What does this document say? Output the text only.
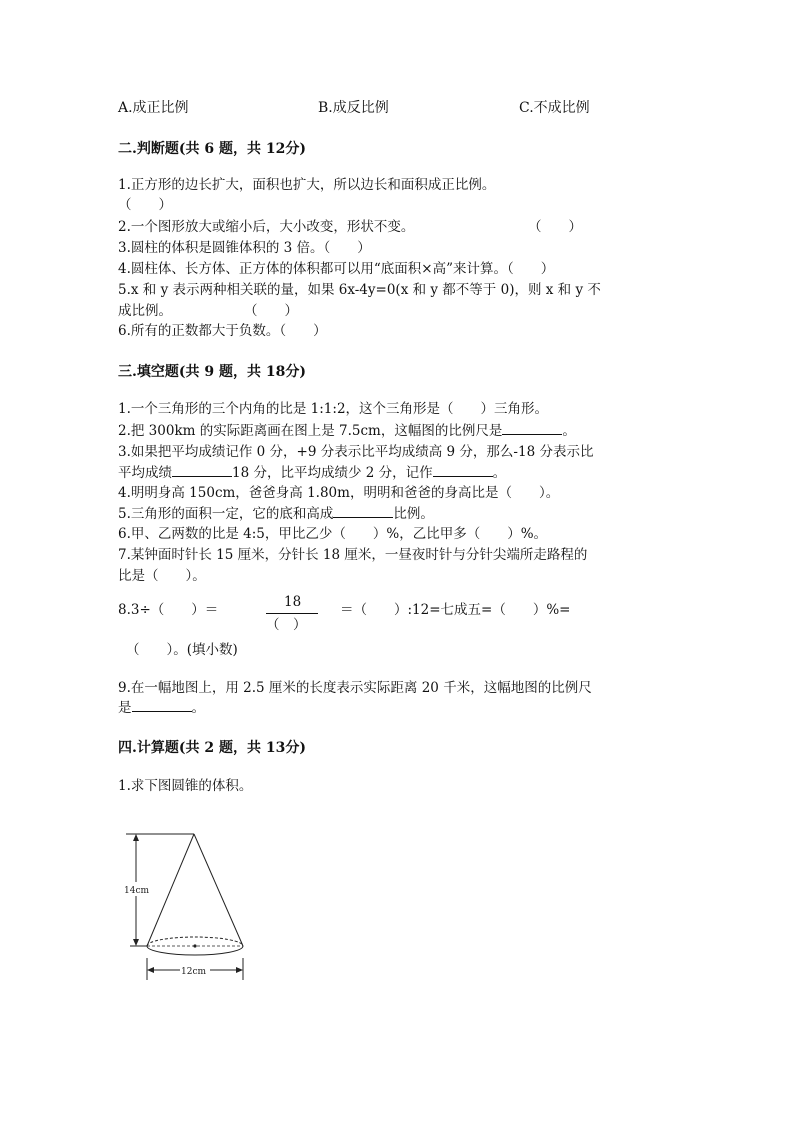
A.成正比例	B.成反比例	C.不成比例
二.判断题(共 6 题，共 12分)
1.正方形的边长扩大，面积也扩大，所以边长和面积成正比例。
（　　）
2.一个图形放大或缩小后，大小改变，形状不变。	（　　）
3.圆柱的体积是圆锥体积的 3 倍。（　　）
4.圆柱体、长方体、正方体的体积都可以用“底面积×高”来计算。（　　）
5.x 和 y 表示两种相关联的量，如果 6x-4y=0(x 和 y 都不等于 0)，则 x 和 y 不
成比例。	（　　）
6.所有的正数都大于负数。（　　）
三.填空题(共 9 题，共 18分)
1.一个三角形的三个内角的比是 1:1:2，这个三角形是（　　）三角形。
2.把 300km 的实际距离画在图上是 7.5cm，这幅图的比例尺是	。
3.如果把平均成绩记作 0 分，+9 分表示比平均成绩高 9 分，那么-18 分表示比
平均成绩	18 分，比平均成绩少 2 分，记作	。
4.明明身高 150cm，爸爸身高 1.80m，明明和爸爸的身高比是（　　）。
5.三角形的面积一定，它的底和高成	比例。
6.甲、乙两数的比是 4:5，甲比乙少（　　）%，乙比甲多（　　）%。
7.某钟面时针长 15 厘米，分针长 18 厘米，一昼夜时针与分针尖端所走路程的
比是（　　）。
8.3÷（　　）＝	18
（　）
＝（　　）:12=七成五=（　　）%=
（　　）。(填小数)
9.在一幅地图上，用 2.5 厘米的长度表示实际距离 20 千米，这幅地图的比例尺
是	。
四.计算题(共 2 题，共 13分)
1.求下图圆锥的体积。
14cm
12cm
